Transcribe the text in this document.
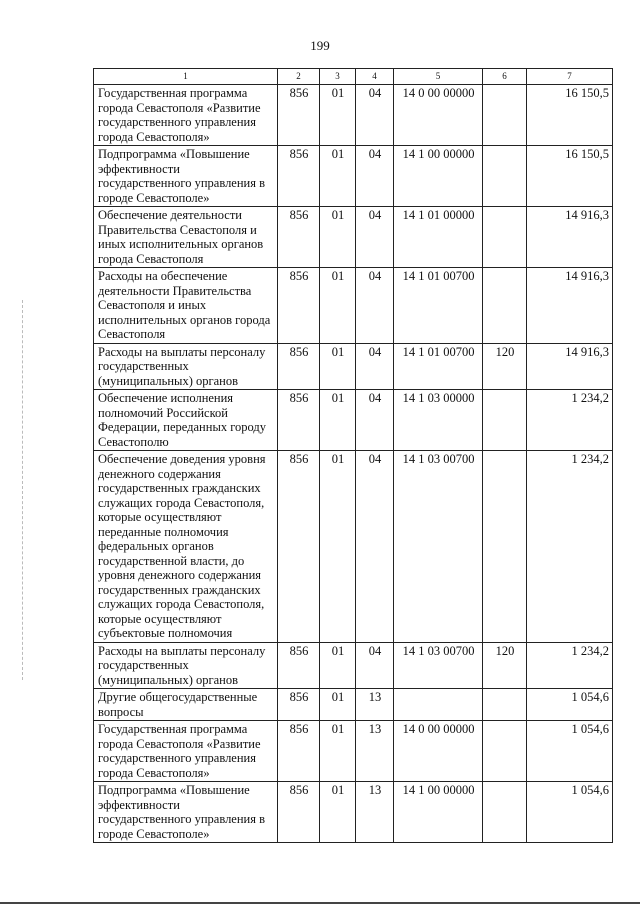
199
1	2	3	4	5	6	7
Государственная программа города Севастополя «Развитие государственного управления города Севастополя»	856	01	04	14 0 00 00000		16 150,5
Подпрограмма «Повышение эффективности государственного управления в городе Севастополе»	856	01	04	14 1 00 00000		16 150,5
Обеспечение деятельности Правительства Севастополя и иных исполнительных органов города Севастополя	856	01	04	14 1 01 00000		14 916,3
Расходы на обеспечение деятельности Правительства Севастополя и иных исполнительных органов города Севастополя	856	01	04	14 1 01 00700		14 916,3
Расходы на выплаты персоналу государственных (муниципальных) органов	856	01	04	14 1 01 00700	120	14 916,3
Обеспечение исполнения полномочий Российской Федерации, переданных городу Севастополю	856	01	04	14 1 03 00000		1 234,2
Обеспечение доведения уровня денежного содержания государственных гражданских служащих города Севастополя, которые осуществляют переданные полномочия федеральных органов государственной власти, до уровня денежного содержания государственных гражданских служащих города Севастополя, которые осуществляют субъектовые полномочия	856	01	04	14 1 03 00700		1 234,2
Расходы на выплаты персоналу государственных (муниципальных) органов	856	01	04	14 1 03 00700	120	1 234,2
Другие общегосударственные вопросы	856	01	13			1 054,6
Государственная программа города Севастополя «Развитие государственного управления города Севастополя»	856	01	13	14 0 00 00000		1 054,6
Подпрограмма «Повышение эффективности государственного управления в городе Севастополе»	856	01	13	14 1 00 00000		1 054,6
